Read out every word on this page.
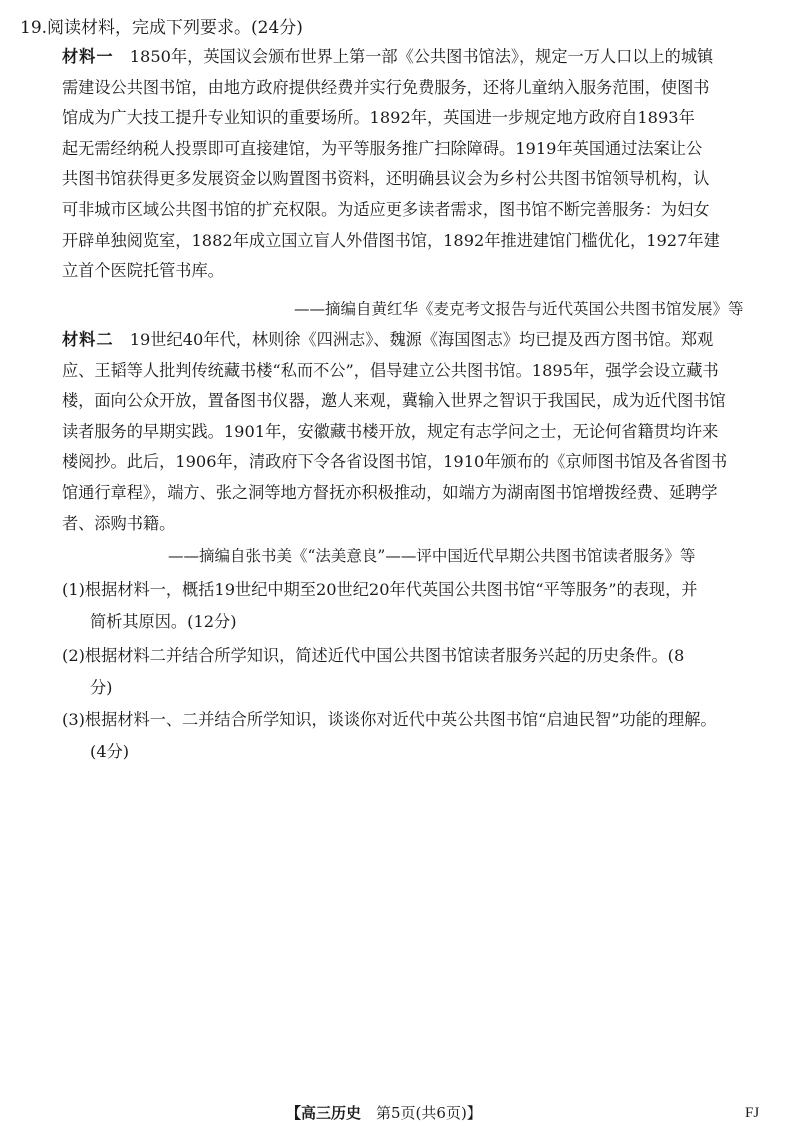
19.阅读材料，完成下列要求。(24分)
材料一　1850年，英国议会颁布世界上第一部《公共图书馆法》，规定一万人口以上的城镇
需建设公共图书馆，由地方政府提供经费并实行免费服务，还将儿童纳入服务范围，使图书
馆成为广大技工提升专业知识的重要场所。1892年，英国进一步规定地方政府自1893年
起无需经纳税人投票即可直接建馆，为平等服务推广扫除障碍。1919年英国通过法案让公
共图书馆获得更多发展资金以购置图书资料，还明确县议会为乡村公共图书馆领导机构，认
可非城市区域公共图书馆的扩充权限。为适应更多读者需求，图书馆不断完善服务：为妇女
开辟单独阅览室，1882年成立国立盲人外借图书馆，1892年推进建馆门槛优化，1927年建
立首个医院托管书库。
——摘编自黄红华《麦克考文报告与近代英国公共图书馆发展》等
材料二　19世纪40年代，林则徐《四洲志》、魏源《海国图志》均已提及西方图书馆。郑观
应、王韬等人批判传统藏书楼“私而不公”，倡导建立公共图书馆。1895年，强学会设立藏书
楼，面向公众开放，置备图书仪器，邀人来观，冀输入世界之智识于我国民，成为近代图书馆
读者服务的早期实践。1901年，安徽藏书楼开放，规定有志学问之士，无论何省籍贯均许来
楼阅抄。此后，1906年，清政府下令各省设图书馆，1910年颁布的《京师图书馆及各省图书
馆通行章程》，端方、张之洞等地方督抚亦积极推动，如端方为湖南图书馆增拨经费、延聘学
者、添购书籍。
——摘编自张书美《“法美意良”——评中国近代早期公共图书馆读者服务》等
(1)根据材料一，概括19世纪中期至20世纪20年代英国公共图书馆“平等服务”的表现，并
简析其原因。(12分)
(2)根据材料二并结合所学知识，简述近代中国公共图书馆读者服务兴起的历史条件。(8
分)
(3)根据材料一、二并结合所学知识，谈谈你对近代中英公共图书馆“启迪民智”功能的理解。
(4分)
【高三历史  第5页(共6页)】	FJ
